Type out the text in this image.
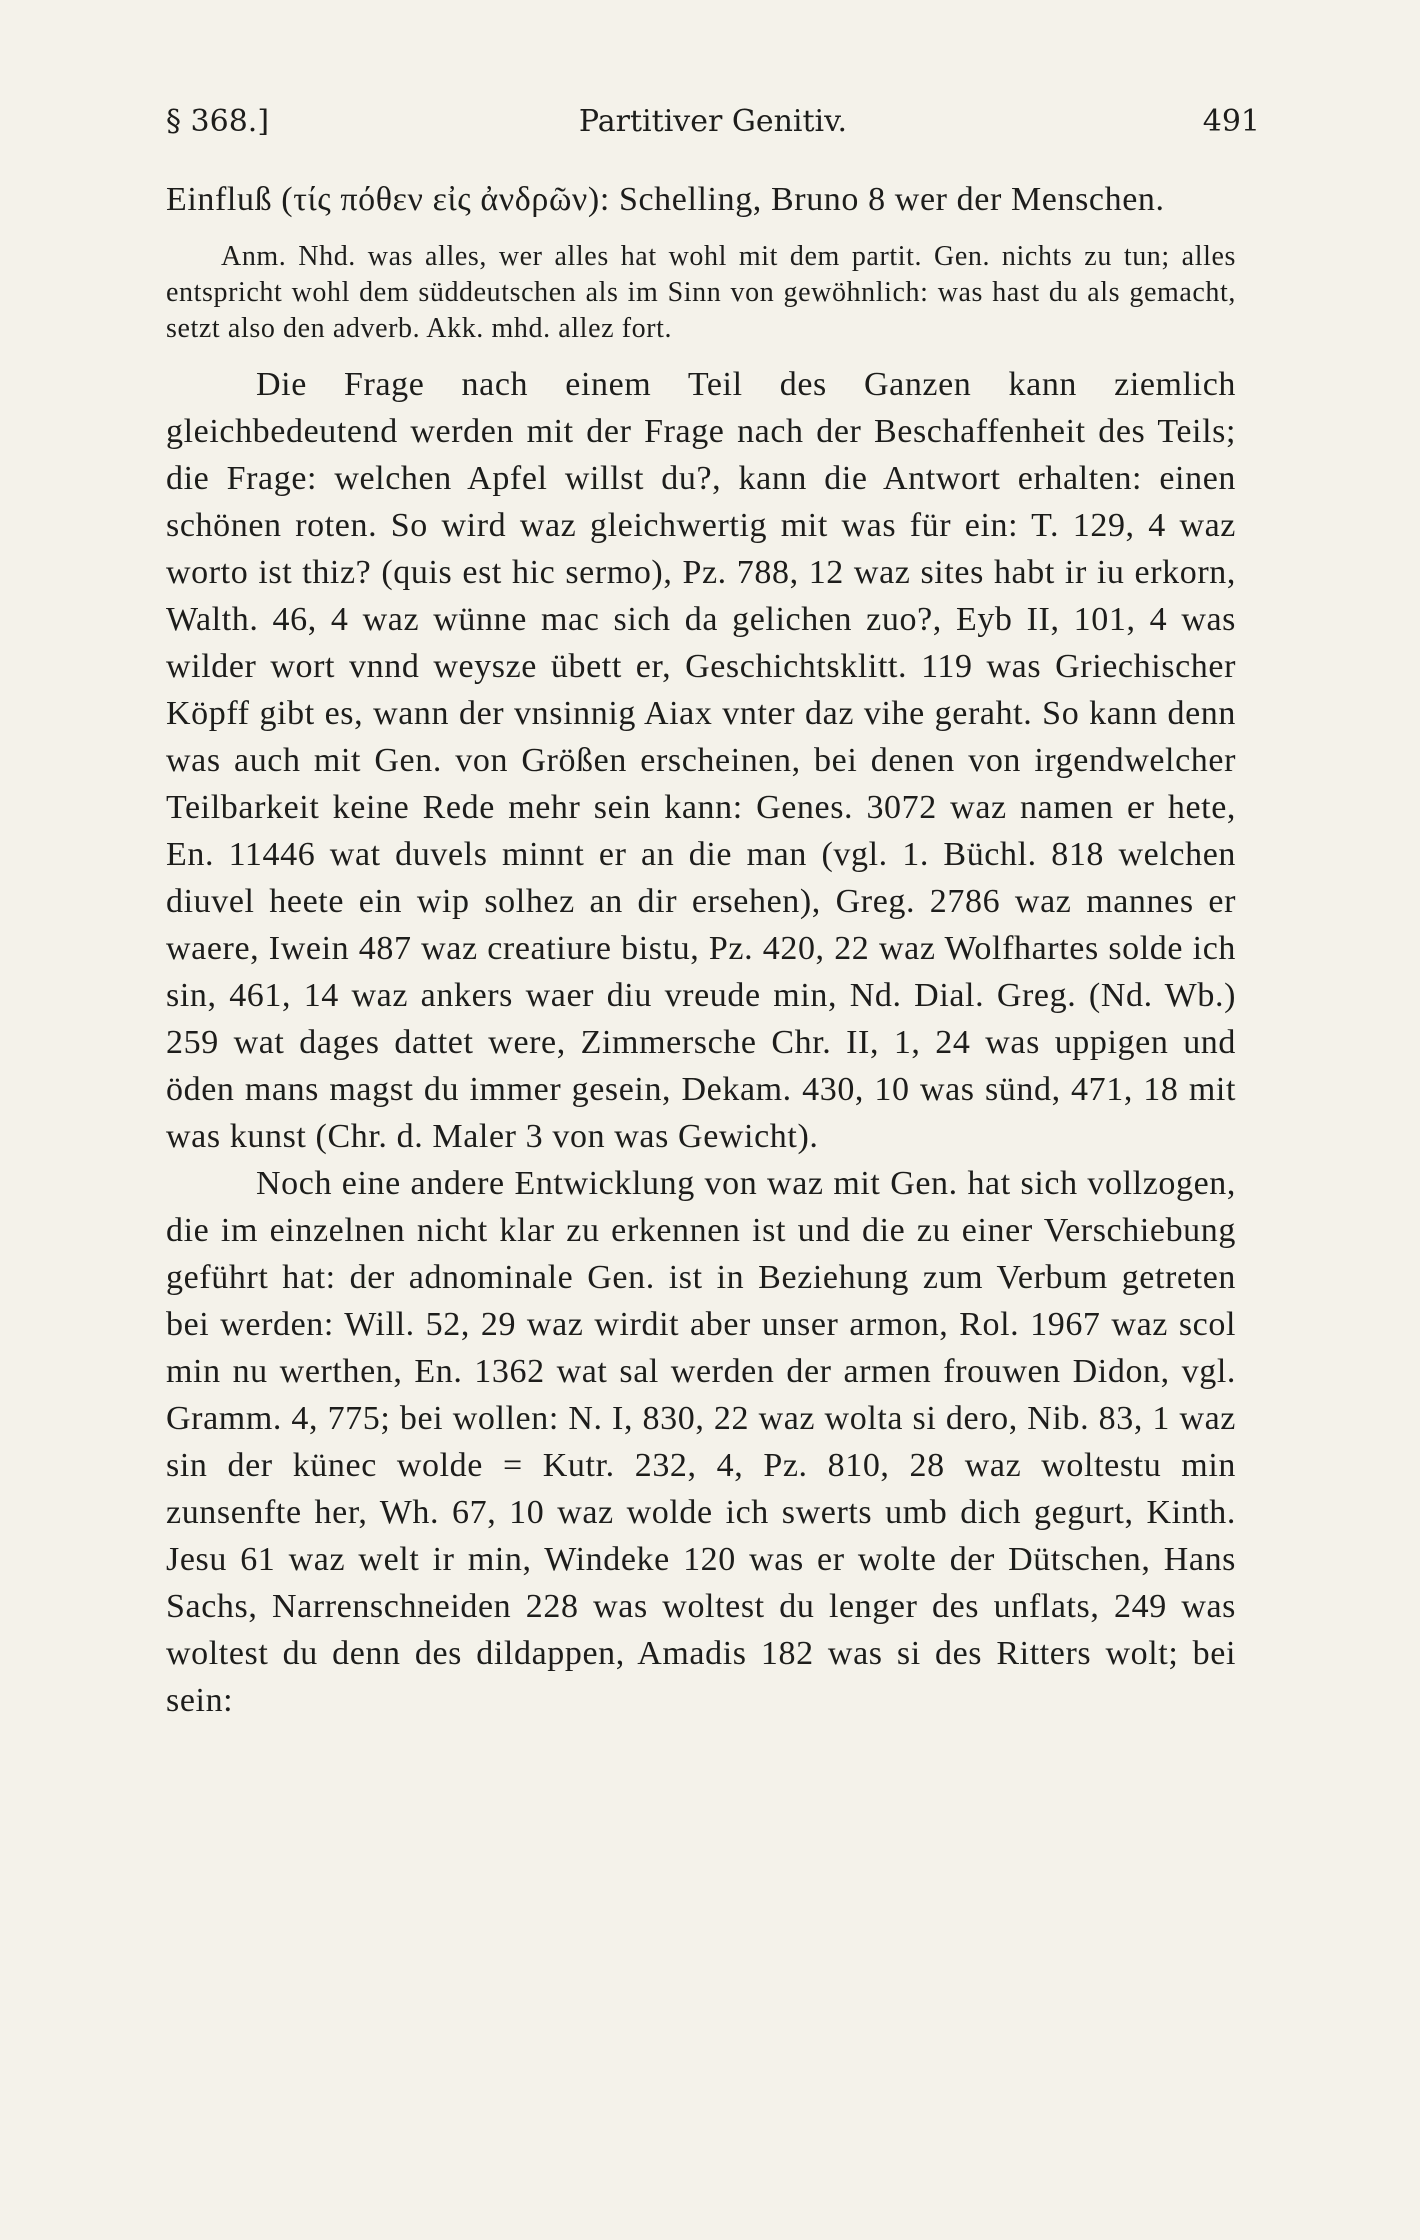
§ 368.]	Partitiver Genitiv.	491

Einfluß (τίς πόθεν εἰς ἀνδρῶν): Schelling, Bruno 8 wer der Menschen.

Anm. Nhd. was alles, wer alles hat wohl mit dem partit. Gen. nichts zu tun; alles entspricht wohl dem süddeutschen als im Sinn von gewöhnlich: was hast du als gemacht, setzt also den adverb. Akk. mhd. allez fort.

Die Frage nach einem Teil des Ganzen kann ziemlich gleichbedeutend werden mit der Frage nach der Beschaffenheit des Teils; die Frage: welchen Apfel willst du?, kann die Antwort erhalten: einen schönen roten. So wird waz gleichwertig mit was für ein: T. 129, 4 waz worto ist thiz? (quis est hic sermo), Pz. 788, 12 waz sites habt ir iu erkorn, Walth. 46, 4 waz wünne mac sich da gelichen zuo?, Eyb II, 101, 4 was wilder wort vnnd weysze übett er, Geschichtsklitt. 119 was Griechischer Köpff gibt es, wann der vnsinnig Aiax vnter daz vihe geraht. So kann denn was auch mit Gen. von Größen erscheinen, bei denen von irgendwelcher Teilbarkeit keine Rede mehr sein kann: Genes. 3072 waz namen er hete, En. 11446 wat duvels minnt er an die man (vgl. 1. Büchl. 818 welchen diuvel heete ein wip solhez an dir ersehen), Greg. 2786 waz mannes er waere, Iwein 487 waz creatiure bistu, Pz. 420, 22 waz Wolfhartes solde ich sin, 461, 14 waz ankers waer diu vreude min, Nd. Dial. Greg. (Nd. Wb.) 259 wat dages dattet were, Zimmersche Chr. II, 1, 24 was uppigen und öden mans magst du immer gesein, Dekam. 430, 10 was sünd, 471, 18 mit was kunst (Chr. d. Maler 3 von was Gewicht).

Noch eine andere Entwicklung von waz mit Gen. hat sich vollzogen, die im einzelnen nicht klar zu erkennen ist und die zu einer Verschiebung geführt hat: der adnominale Gen. ist in Beziehung zum Verbum getreten bei werden: Will. 52, 29 waz wirdit aber unser armon, Rol. 1967 waz scol min nu werthen, En. 1362 wat sal werden der armen frouwen Didon, vgl. Gramm. 4, 775; bei wollen: N. I, 830, 22 waz wolta si dero, Nib. 83, 1 waz sin der künec wolde = Kutr. 232, 4, Pz. 810, 28 waz woltestu min zunsenfte her, Wh. 67, 10 waz wolde ich swerts umb dich gegurt, Kinth. Jesu 61 waz welt ir min, Windeke 120 was er wolte der Dütschen, Hans Sachs, Narrenschneiden 228 was woltest du lenger des unflats, 249 was woltest du denn des dildappen, Amadis 182 was si des Ritters wolt; bei sein:
